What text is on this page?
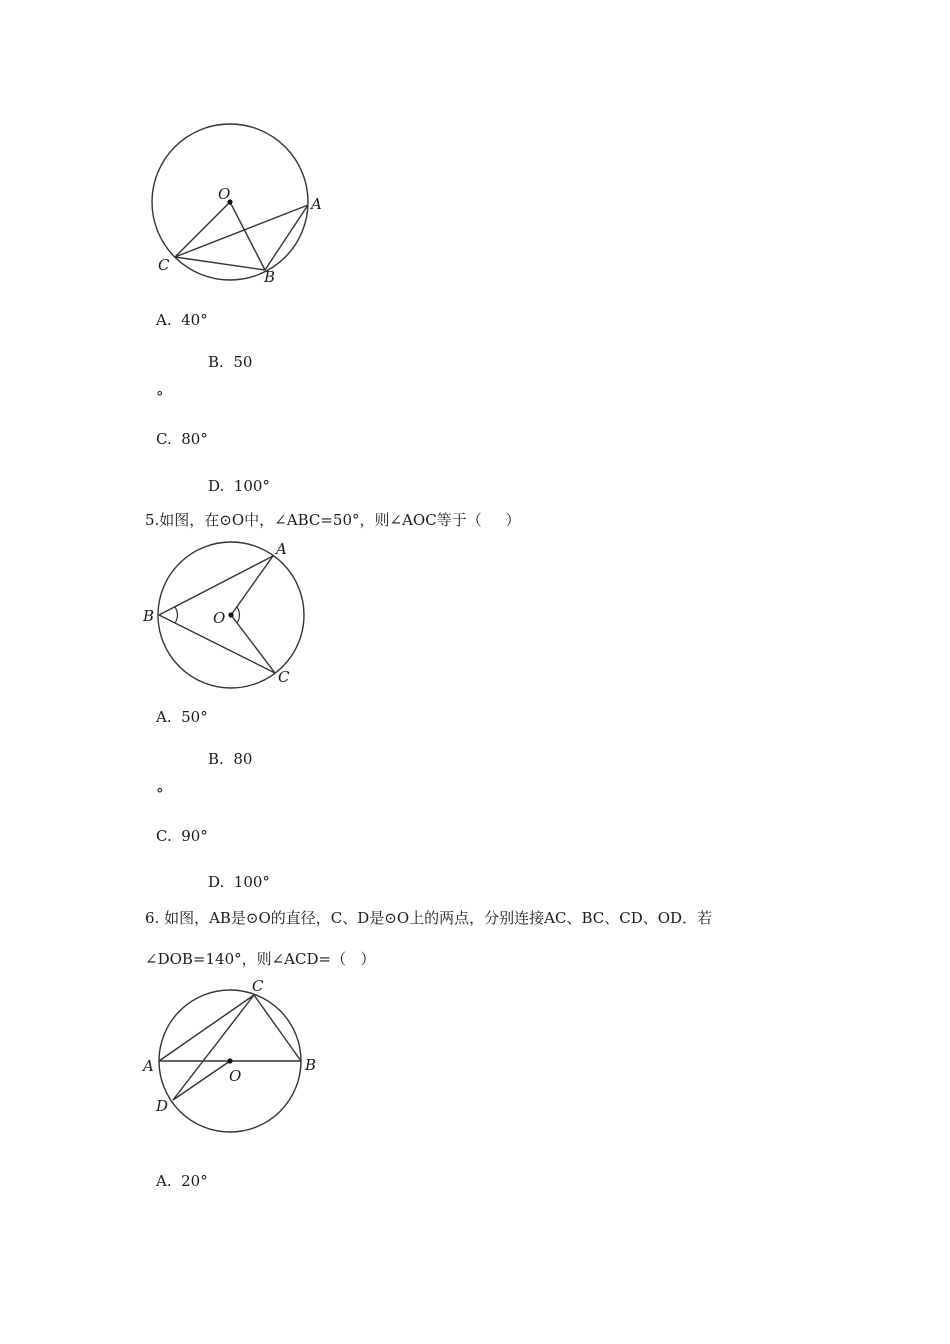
O
A
C
B
A.  40°
B.  50
°
C.  80°
D.  100°
5.如图，在⊙O中，∠ABC=50°，则∠AOC等于（     ）
A
B	O
C
A.  50°
B.  80
°
C.  90°
D.  100°
6. 如图，AB是⊙O的直径，C、D是⊙O上的两点，分别连接AC、BC、CD、OD．若
∠DOB=140°，则∠ACD=（   ）
C
A	B
O
D
A.  20°
